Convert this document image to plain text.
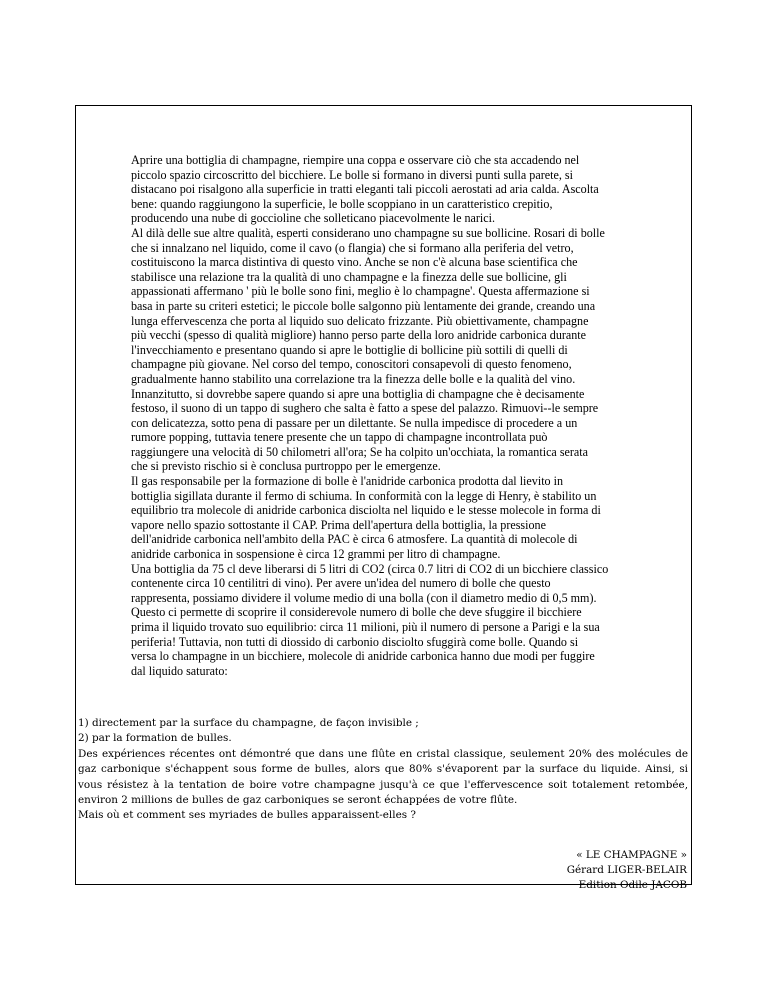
Aprire una bottiglia di champagne, riempire una coppa e osservare ciò che sta accadendo nel
piccolo spazio circoscritto del bicchiere. Le bolle si formano in diversi punti sulla parete, si
distacano poi risalgono alla superficie in tratti eleganti tali piccoli aerostati ad aria calda. Ascolta
bene: quando raggiungono la superficie, le bolle scoppiano in un caratteristico crepitio,
producendo una nube di goccioline che solleticano piacevolmente le narici.

Al dilà delle sue altre qualità, esperti considerano uno champagne su sue bollicine. Rosari di bolle
che si innalzano nel liquido, come il cavo (o flangia) che si formano alla periferia del vetro,
costituiscono la marca distintiva di questo vino. Anche se non c'è alcuna base scientifica che
stabilisce una relazione tra la qualità di uno champagne e la finezza delle sue bollicine, gli
appassionati affermano ' più le bolle sono fini, meglio è lo champagne'. Questa affermazione si
basa in parte su criteri estetici; le piccole bolle salgonno più lentamente dei grande, creando una
lunga effervescenza che porta al liquido suo delicato frizzante. Più obiettivamente, champagne
più vecchi (spesso di qualità migliore) hanno perso parte della loro anidride carbonica durante
l'invecchiamento e presentano quando si apre le bottiglie di bollicine più sottili di quelli di
champagne più giovane. Nel corso del tempo, conoscitori consapevoli di questo fenomeno,
gradualmente hanno stabilito una correlazione tra la finezza delle bolle e la qualità del vino.

Innanzitutto, si dovrebbe sapere quando si apre una bottiglia di champagne che è decisamente
festoso, il suono di un tappo di sughero che salta è fatto a spese del palazzo. Rimuovi--le sempre
con delicatezza, sotto pena di passare per un dilettante. Se nulla impedisce di procedere a un
rumore popping, tuttavia tenere presente che un tappo di champagne incontrollata può
raggiungere una velocità di 50 chilometri all'ora; Se ha colpito un'occhiata, la romantica serata
che si previsto rischio si è conclusa purtroppo per le emergenze.

Il gas responsabile per la formazione di bolle è l'anidride carbonica prodotta dal lievito in
bottiglia sigillata durante il fermo di schiuma. In conformità con la legge di Henry, è stabilito un
equilibrio tra molecole di anidride carbonica disciolta nel liquido e le stesse molecole in forma di
vapore nello spazio sottostante il CAP. Prima dell'apertura della bottiglia, la pressione
dell'anidride carbonica nell'ambito della PAC è circa 6 atmosfere. La quantità di molecole di
anidride carbonica in sospensione è circa 12 grammi per litro di champagne.

Una bottiglia da 75 cl deve liberarsi di 5 litri di CO2 (circa 0.7 litri di CO2 di un bicchiere classico
contenente circa 10 centilitri di vino). Per avere un'idea del numero di bolle che questo
rappresenta, possiamo dividere il volume medio di una bolla (con il diametro medio di 0,5 mm).
Questo ci permette di scoprire il considerevole numero di bolle che deve sfuggire il bicchiere
prima il liquido trovato suo equilibrio: circa 11 milioni, più il numero di persone a Parigi e la sua
periferia! Tuttavia, non tutti di diossido di carbonio disciolto sfuggirà come bolle. Quando si
versa lo champagne in un bicchiere, molecole di anidride carbonica hanno due modi per fuggire
dal liquido saturato:

1) directement par la surface du champagne, de façon invisible ;

2) par la formation de bulles.

Des expériences récentes ont démontré que dans une flûte en cristal classique, seulement 20% des molécules de gaz carbonique s'échappent sous forme de bulles, alors que 80% s'évaporent par la surface du liquide. Ainsi, si vous résistez à la tentation de boire votre champagne jusqu'à ce que l'effervescence soit totalement retombée, environ 2 millions de bulles de gaz carboniques se seront échappées de votre flûte.

Mais où et comment ses myriades de bulles apparaissent-elles ?

« LE CHAMPAGNE »
Gérard LIGER-BELAIR
Edition Odile JACOB
